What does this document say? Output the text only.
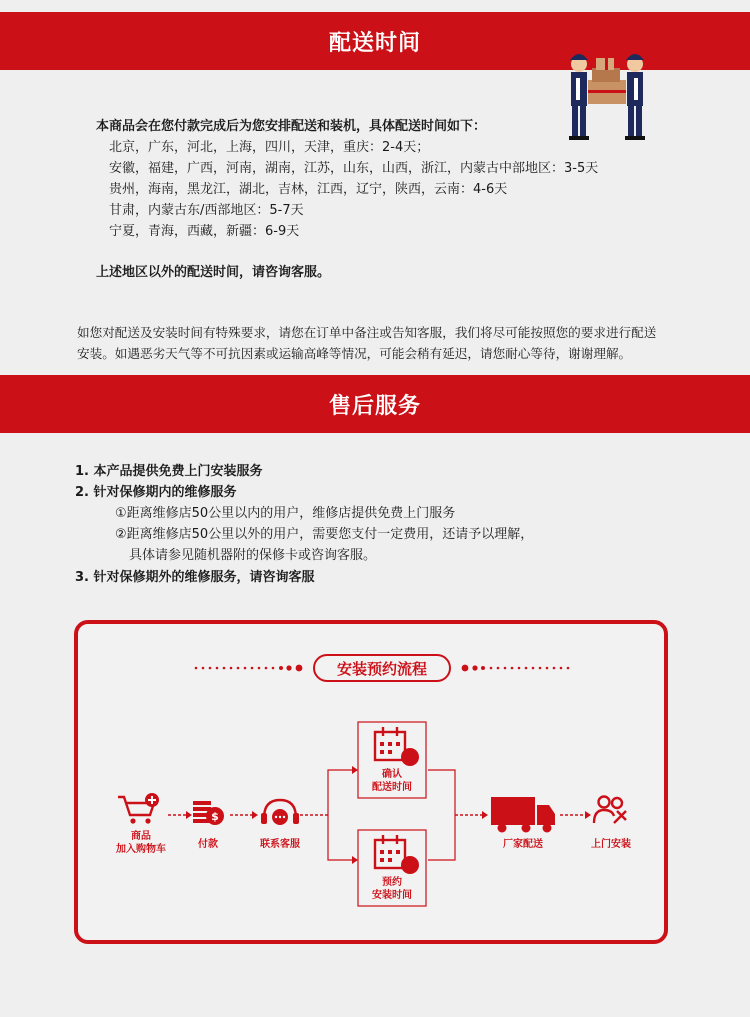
配送时间
本商品会在您付款完成后为您安排配送和装机，具体配送时间如下：
北京，广东，河北，上海，四川，天津，重庆：2-4天；
安徽，福建，广西，河南，湖南，江苏，山东，山西，浙江，内蒙古中部地区：3-5天
贵州，海南，黑龙江，湖北，吉林，江西，辽宁，陕西，云南：4-6天
甘肃，内蒙古东/西部地区：5-7天
宁夏，青海，西藏，新疆：6-9天
上述地区以外的配送时间，请咨询客服。
如您对配送及安装时间有特殊要求，请您在订单中备注或告知客服，我们将尽可能按照您的要求进行配送
安装。如遇恶劣天气等不可抗因素或运输高峰等情况，可能会稍有延迟，请您耐心等待，谢谢理解。
售后服务
1. 本产品提供免费上门安装服务
2. 针对保修期内的维修服务
①距离维修店50公里以内的用户，维修店提供免费上门服务
②距离维修店50公里以外的用户，需要您支付一定费用，还请予以理解，
具体请参见随机器附的保修卡或咨询客服。
3. 针对保修期外的维修服务，请咨询客服
$
安装预约流程
商品
加入购物车	付款	联系客服
确认
配送时间
预约
安装时间
厂家配送	上门安装
